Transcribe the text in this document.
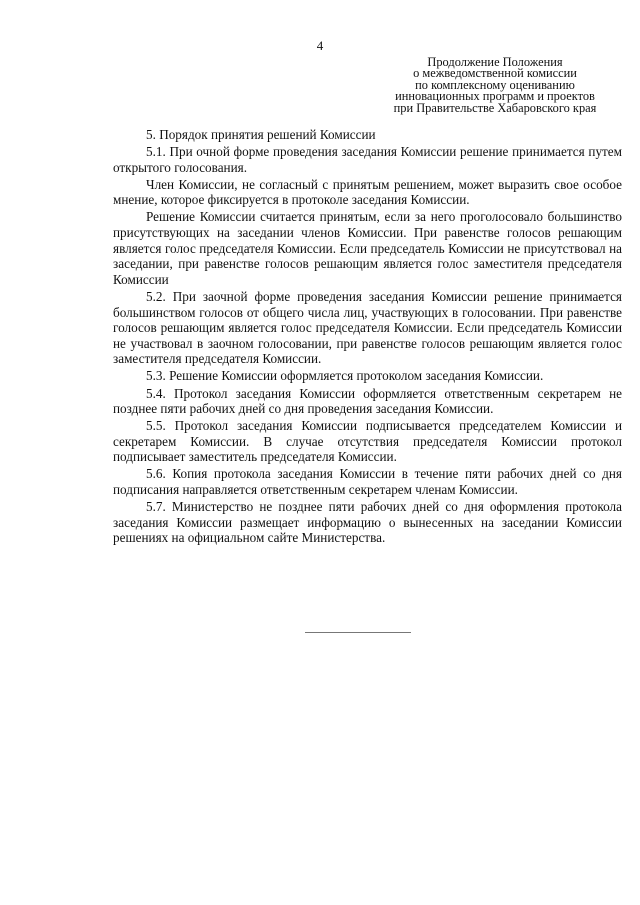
4
Продолжение Положения
о межведомственной комиссии
по комплексному оцениванию
инновационных программ и проектов
при Правительстве Хабаровского края

5. Порядок принятия решений Комиссии

5.1. При очной форме проведения заседания Комиссии решение принимается путем открытого голосования.

Член Комиссии, не согласный с принятым решением, может выразить свое особое мнение, которое фиксируется в протоколе заседания Комиссии.

Решение Комиссии считается принятым, если за него проголосовало большинство присутствующих на заседании членов Комиссии. При равенстве голосов решающим является голос председателя Комиссии. Если председатель Комиссии не присутствовал на заседании, при равенстве голосов решающим является голос заместителя председателя Комиссии

5.2. При заочной форме проведения заседания Комиссии решение принимается большинством голосов от общего числа лиц, участвующих в голосовании. При равенстве голосов решающим является голос председателя Комиссии. Если председатель Комиссии не участвовал в заочном голосовании, при равенстве голосов решающим является голос заместителя председателя Комиссии.

5.3. Решение Комиссии оформляется протоколом заседания Комиссии.

5.4. Протокол заседания Комиссии оформляется ответственным секретарем не позднее пяти рабочих дней со дня проведения заседания Комиссии.

5.5. Протокол заседания Комиссии подписывается председателем Комиссии и секретарем Комиссии. В случае отсутствия председателя Комиссии протокол подписывает заместитель председателя Комиссии.

5.6. Копия протокола заседания Комиссии в течение пяти рабочих дней со дня подписания направляется ответственным секретарем членам Комиссии.

5.7. Министерство не позднее пяти рабочих дней со дня оформления протокола заседания Комиссии размещает информацию о вынесенных на заседании Комиссии решениях на официальном сайте Министерства.
